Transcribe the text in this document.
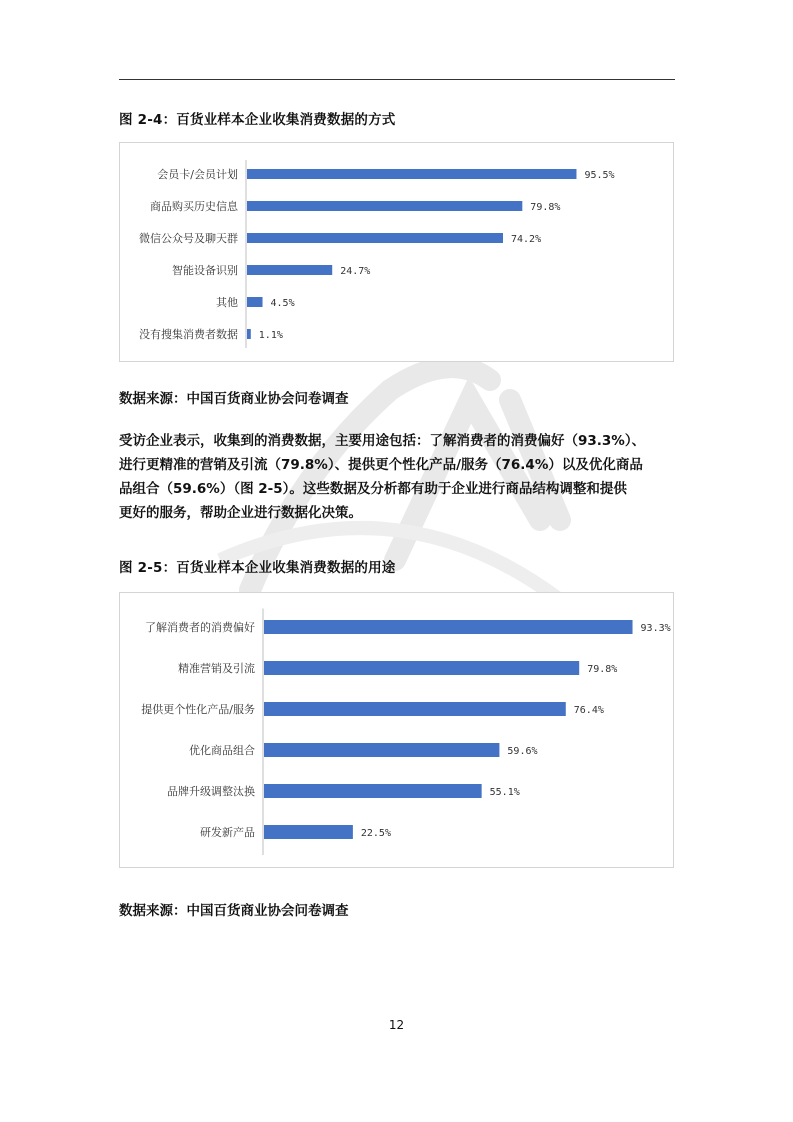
图 2-4：百货业样本企业收集消费数据的方式
会员卡/会员计划	95.5%
商品购买历史信息	79.8%
微信公众号及聊天群	74.2%
智能设备识别	24.7%
其他	4.5%
没有搜集消费者数据 1.1%
数据来源：中国百货商业协会问卷调查
受访企业表示，收集到的消费数据，主要用途包括：了解消费者的消费偏好（93.3%）、
进行更精准的营销及引流（79.8%）、提供更个性化产品/服务（76.4%）以及优化商品
品组合（59.6%）（图 2-5）。这些数据及分析都有助于企业进行商品结构调整和提供
更好的服务，帮助企业进行数据化决策。
图 2-5：百货业样本企业收集消费数据的用途
了解消费者的消费偏好	93.3%
精准营销及引流	79.8%
提供更个性化产品/服务	76.4%
优化商品组合	59.6%
品牌升级调整汰换	55.1%
研发新产品	22.5%
数据来源：中国百货商业协会问卷调查
12
